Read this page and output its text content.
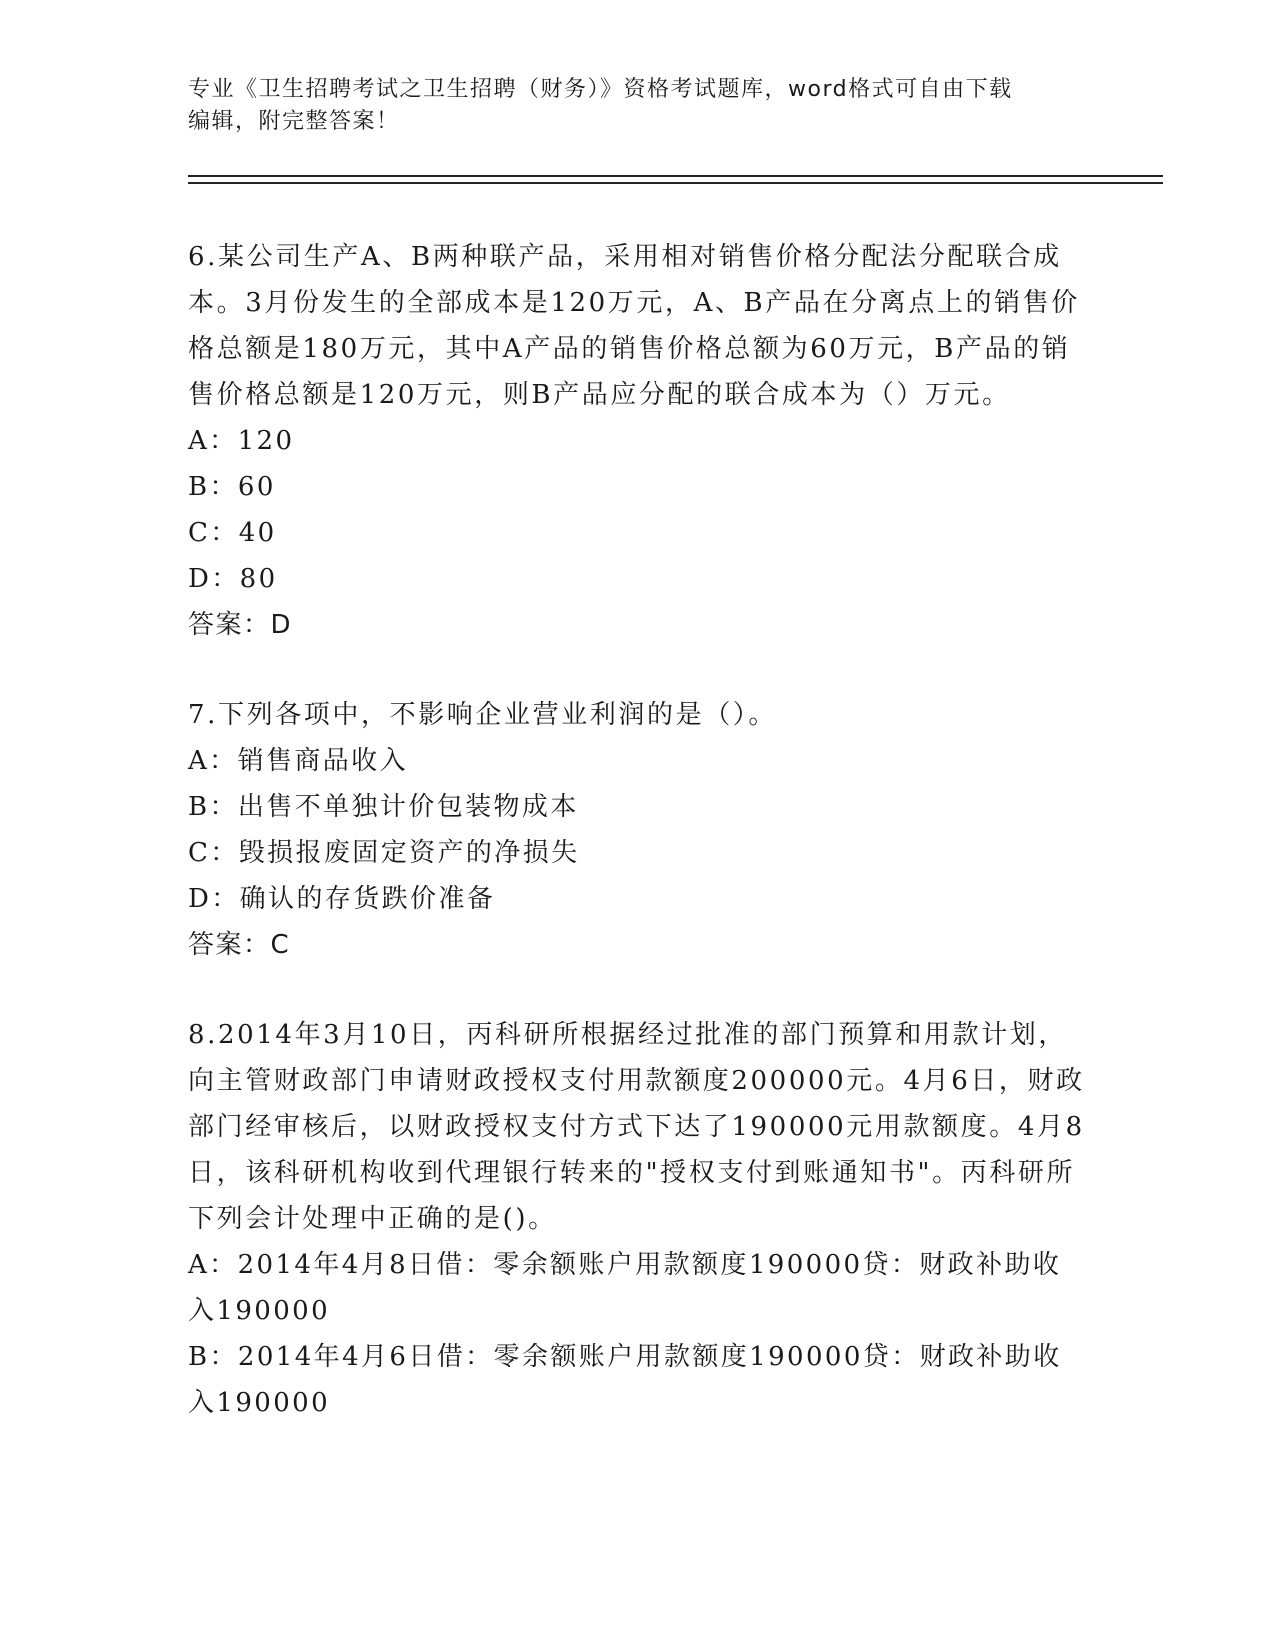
专业《卫生招聘考试之卫生招聘（财务）》资格考试题库，word格式可自由下载
编辑，附完整答案！
6.某公司生产A、B两种联产品，采用相对销售价格分配法分配联合成本。3月份发生的全部成本是120万元，A、B产品在分离点上的销售价格总额是180万元，其中A产品的销售价格总额为60万元，B产品的销售价格总额是120万元，则B产品应分配的联合成本为（）万元。
A：120
B：60
C：40
D：80
答案：D
7.下列各项中，不影响企业营业利润的是（）。
A：销售商品收入
B：出售不单独计价包装物成本
C：毁损报废固定资产的净损失
D：确认的存货跌价准备
答案：C
8.2014年3月10日，丙科研所根据经过批准的部门预算和用款计划，向主管财政部门申请财政授权支付用款额度200000元。4月6日，财政部门经审核后，以财政授权支付方式下达了190000元用款额度。4月8日，该科研机构收到代理银行转来的"授权支付到账通知书"。丙科研所下列会计处理中正确的是()。
A：2014年4月8日借：零余额账户用款额度190000贷：财政补助收入190000
B：2014年4月6日借：零余额账户用款额度190000贷：财政补助收入190000
